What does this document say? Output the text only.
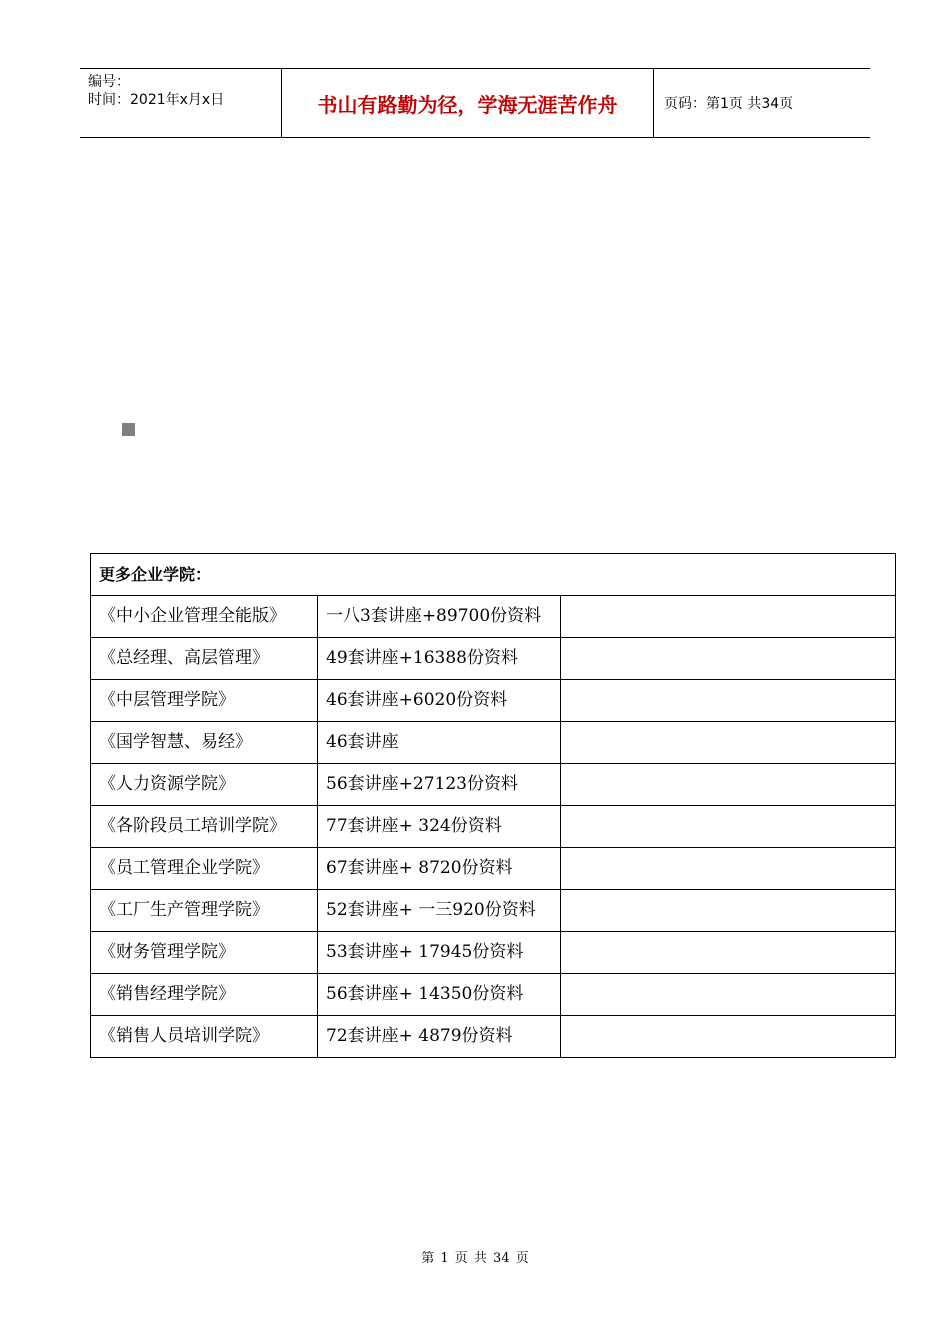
编号：
时间：2021年x月x日	书山有路勤为径，学海无涯苦作舟	页码：第1页 共34页
更多企业学院：		
《中小企业管理全能版》	一八3套讲座+89700份资料	
《总经理、高层管理》	49套讲座+16388份资料	
《中层管理学院》	46套讲座+6020份资料	
《国学智慧、易经》	46套讲座	
《人力资源学院》	56套讲座+27123份资料	
《各阶段员工培训学院》	77套讲座+ 324份资料	
《员工管理企业学院》	67套讲座+ 8720份资料	
《工厂生产管理学院》	52套讲座+ 一三920份资料	
《财务管理学院》	53套讲座+ 17945份资料	
《销售经理学院》	56套讲座+ 14350份资料	
《销售人员培训学院》	72套讲座+ 4879份资料	
第 1 页 共 34 页
